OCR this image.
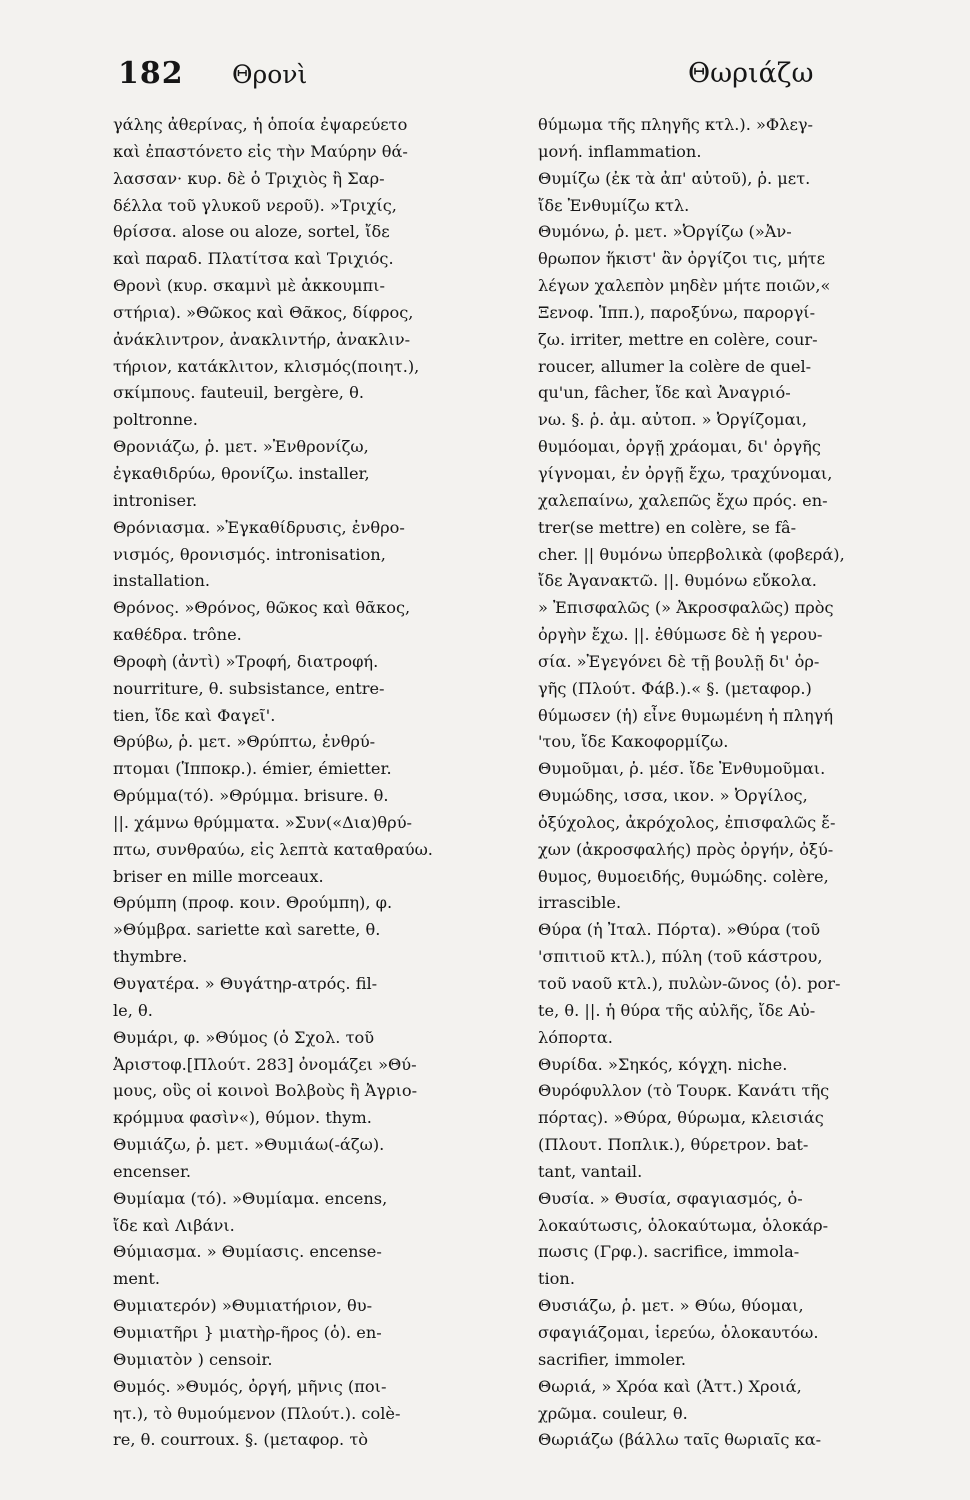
182 Θρονὶ	Θωριάζω
γάλης ἀθερίνας, ἡ ὁποία ἐψαρεύετο
καὶ ἐπαστόνετο εἰς τὴν Μαύρην θά-
λασσαν· κυρ. δὲ ὁ Τριχιὸς ἢ Σαρ-
δέλλα τοῦ γλυκοῦ νεροῦ). »Τριχίς,
θρίσσα. alose ou aloze, sortel, ἴδε
καὶ παραδ. Πλατίτσα καὶ Τριχιός.
Θρονὶ (κυρ. σκαμνὶ μὲ ἀκκουμπι-
στήρια). »Θῶκος καὶ Θᾶκος, δίφρος,
ἀνάκλιντρον, ἀνακλιντήρ, ἀνακλιν-
τήριον, κατάκλιτον, κλισμός(ποιητ.),
σκίμπους. fauteuil, bergère, θ.
poltronne.
Θρονιάζω, ῥ. μετ. »Ἐνθρονίζω,
ἐγκαθιδρύω, θρονίζω. installer,
introniser.
Θρόνιασμα. »Ἐγκαθίδρυσις, ἐνθρο-
νισμός, θρονισμός. intronisation,
installation.
Θρόνος. »Θρόνος, θῶκος καὶ θᾶκος,
καθέδρα. trône.
Θροφὴ (ἀντὶ) »Τροφή, διατροφή.
nourriture, θ. subsistance, entre-
tien, ἴδε καὶ Φαγεῖ'.
Θρύβω, ῥ. μετ. »Θρύπτω, ἐνθρύ-
πτομαι (Ἱπποκρ.). émier, émietter.
Θρύμμα(τό). »Θρύμμα. brisure. θ.
||. χάμνω θρύμματα. »Συν(«Δια)θρύ-
πτω, συνθραύω, εἰς λεπτὰ καταθραύω.
briser en mille morceaux.
Θρύμπη (προφ. κοιν. Θρούμπη), φ.
»Θύμβρα. sariette καὶ sarette, θ.
thymbre.
Θυγατέρα. » Θυγάτηρ-ατρός. fil-
le, θ.
Θυμάρι, φ. »Θύμος (ὁ Σχολ. τοῦ
Ἀριστοφ.[Πλούτ. 283] ὀνομάζει »Θύ-
μους, οὓς οἱ κοινοὶ Βολβοὺς ἢ Ἀγριο-
κρόμμυα φασὶν«), θύμον. thym.
Θυμιάζω, ῥ. μετ. »Θυμιάω(-άζω).
encenser.
Θυμίαμα (τό). »Θυμίαμα. encens,
ἴδε καὶ Λιβάνι.
Θύμιασμα. » Θυμίασις. encense-
ment.
Θυμιατερόν) »Θυμιατήριον, θυ-
Θυμιατῆρι } μιατὴρ-ῆρος (ὁ). en-
Θυμιατὸν ) censoir.
Θυμός. »Θυμός, ὀργή, μῆνις (ποι-
ητ.), τὸ θυμούμενον (Πλούτ.). colè-
re, θ. courroux. §. (μεταφορ. τὸ
θύμωμα τῆς πληγῆς κτλ.). »Φλεγ-
μονή. inflammation.
Θυμίζω (ἐκ τὰ ἀπ' αὐτοῦ), ῥ. μετ.
ἴδε Ἐνθυμίζω κτλ.
Θυμόνω, ῥ. μετ. »Ὀργίζω (»Ἀν-
θρωπον ἥκιστ' ἂν ὀργίζοι τις, μήτε
λέγων χαλεπὸν μηδὲν μήτε ποιῶν,«
Ξενοφ. Ἱππ.), παροξύνω, παροργί-
ζω. irriter, mettre en colère, cour-
roucer, allumer la colère de quel-
qu'un, fâcher, ἴδε καὶ Ἀναγριό-
νω. §. ῥ. ἀμ. αὐτοπ. » Ὀργίζομαι,
θυμόομαι, ὀργῇ χράομαι, δι' ὀργῆς
γίγνομαι, ἐν ὀργῇ ἔχω, τραχύνομαι,
χαλεπαίνω, χαλεπῶς ἔχω πρός. en-
trer(se mettre) en colère, se fâ-
cher. || θυμόνω ὑπερβολικὰ (φοβερά),
ἴδε Ἀγανακτῶ. ||. θυμόνω εὔκολα.
» Ἐπισφαλῶς (» Ἀκροσφαλῶς) πρὸς
ὀργὴν ἔχω. ||. ἐθύμωσε δὲ ἡ γερου-
σία. »Ἐγεγόνει δὲ τῇ βουλῇ δι' ὀρ-
γῆς (Πλούτ. Φάβ.).« §. (μεταφορ.)
θύμωσεν (ἡ) εἶνε θυμωμένη ἡ πληγή
'του, ἴδε Κακοφορμίζω.
Θυμοῦμαι, ῥ. μέσ. ἴδε Ἐνθυμοῦμαι.
Θυμώδης, ισσα, ικον. » Ὀργίλος,
ὀξύχολος, ἀκρόχολος, ἐπισφαλῶς ἔ-
χων (ἀκροσφαλής) πρὸς ὀργήν, ὀξύ-
θυμος, θυμοειδής, θυμώδης. colère,
irrascible.
Θύρα (ἡ Ἰταλ. Πόρτα). »Θύρα (τοῦ
'σπιτιοῦ κτλ.), πύλη (τοῦ κάστρου,
τοῦ ναοῦ κτλ.), πυλὼν-ῶνος (ὁ). por-
te, θ. ||. ἡ θύρα τῆς αὐλῆς, ἴδε Αὐ-
λόπορτα.
Θυρίδα. »Σηκός, κόγχη. niche.
Θυρόφυλλον (τὸ Τουρκ. Κανάτι τῆς
πόρτας). »Θύρα, θύρωμα, κλεισιάς
(Πλουτ. Ποπλικ.), θύρετρον. bat-
tant, vantail.
Θυσία. » Θυσία, σφαγιασμός, ὁ-
λοκαύτωσις, ὁλοκαύτωμα, ὁλοκάρ-
πωσις (Γρφ.). sacrifice, immola-
tion.
Θυσιάζω, ῥ. μετ. » Θύω, θύομαι,
σφαγιάζομαι, ἱερεύω, ὁλοκαυτόω.
sacrifier, immoler.
Θωριά, » Χρόα καὶ (Ἀττ.) Χροιά,
χρῶμα. couleur, θ.
Θωριάζω (βάλλω ταῖς θωριαῖς κα-
